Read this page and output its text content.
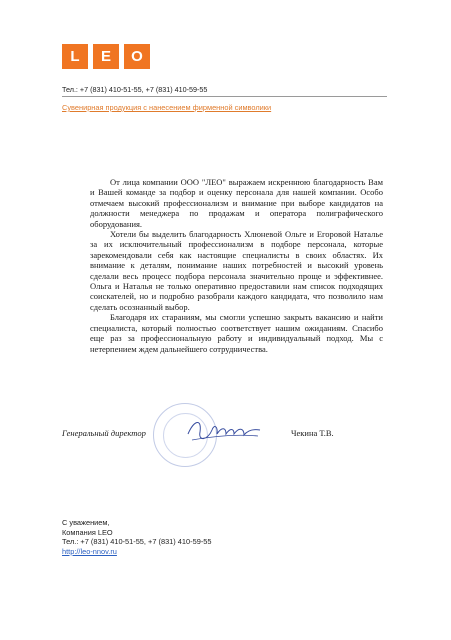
L	E	O
Тел.: +7 (831) 410-51-55, +7 (831) 410-59-55
Сувенирная продукция с нанесением фирменной символики

От лица компании ООО "ЛЕО" выражаем искреннюю благодарность Вам и Вашей команде за подбор и оценку персонала для нашей компании. Особо отмечаем высокий профессионализм и внимание при выборе кандидатов на должности менеджера по продажам и оператора полиграфического оборудования.

Хотели бы выделить благодарность Хлюневой Ольге и Егоровой Наталье за их исключительный профессионализм в подборе персонала, которые зарекомендовали себя как настоящие специалисты в своих областях. Их внимание к деталям, понимание наших потребностей и высокий уровень сделали весь процесс подбора персонала значительно проще и эффективнее. Ольга и Наталья не только оперативно предоставили нам список подходящих соискателей, но и подробно разобрали каждого кандидата, что позволило нам сделать осознанный выбор.

Благодаря их стараниям, мы смогли успешно закрыть вакансию и найти специалиста, который полностью соответствует нашим ожиданиям. Спасибо еще раз за профессиональную работу и индивидуальный подход. Мы с нетерпением ждем дальнейшего сотрудничества.

Генеральный директор	Чекина Т.В.
С уважением,
Компания LEO
Тел.: +7 (831) 410-51-55, +7 (831) 410-59-55
http://leo-nnov.ru
